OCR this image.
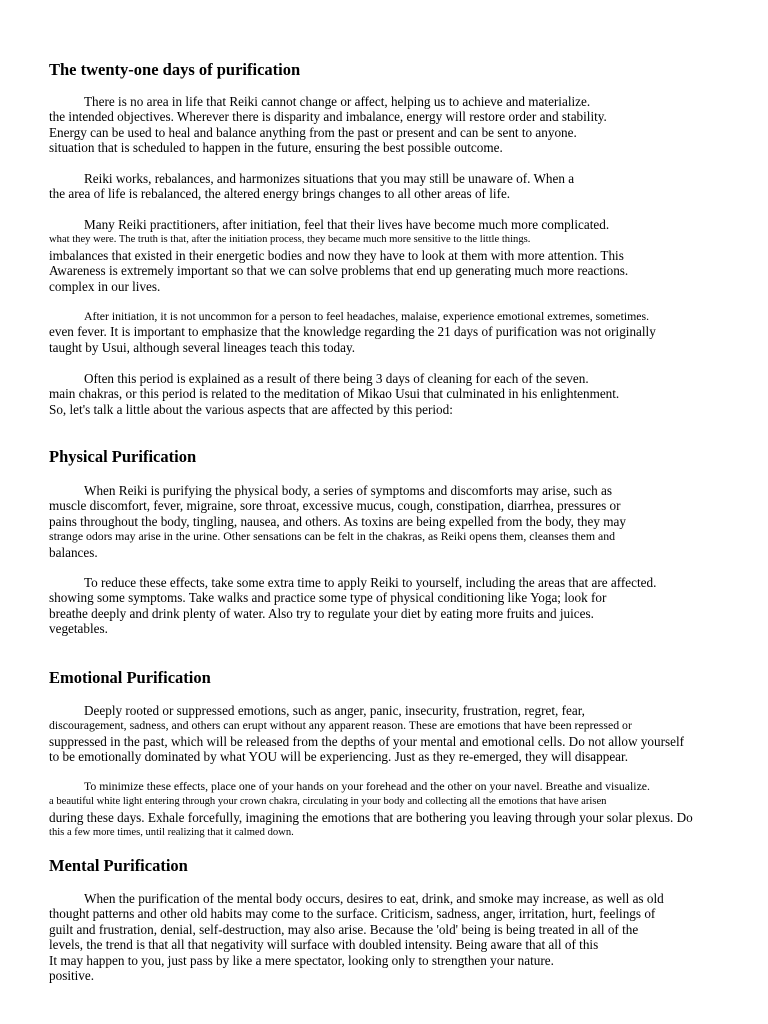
The twenty-one days of purification
There is no area in life that Reiki cannot change or affect, helping us to achieve and materialize.
the intended objectives. Wherever there is disparity and imbalance, energy will restore order and stability.
Energy can be used to heal and balance anything from the past or present and can be sent to anyone.
situation that is scheduled to happen in the future, ensuring the best possible outcome.
Reiki works, rebalances, and harmonizes situations that you may still be unaware of. When a
the area of life is rebalanced, the altered energy brings changes to all other areas of life.
Many Reiki practitioners, after initiation, feel that their lives have become much more complicated.
what they were. The truth is that, after the initiation process, they became much more sensitive to the little things.
imbalances that existed in their energetic bodies and now they have to look at them with more attention. This
Awareness is extremely important so that we can solve problems that end up generating much more reactions.
complex in our lives.
After initiation, it is not uncommon for a person to feel headaches, malaise, experience emotional extremes, sometimes.
even fever. It is important to emphasize that the knowledge regarding the 21 days of purification was not originally
taught by Usui, although several lineages teach this today.
Often this period is explained as a result of there being 3 days of cleaning for each of the seven.
main chakras, or this period is related to the meditation of Mikao Usui that culminated in his enlightenment.
So, let's talk a little about the various aspects that are affected by this period:
Physical Purification
When Reiki is purifying the physical body, a series of symptoms and discomforts may arise, such as
muscle discomfort, fever, migraine, sore throat, excessive mucus, cough, constipation, diarrhea, pressures or
pains throughout the body, tingling, nausea, and others. As toxins are being expelled from the body, they may
strange odors may arise in the urine. Other sensations can be felt in the chakras, as Reiki opens them, cleanses them and
balances.
To reduce these effects, take some extra time to apply Reiki to yourself, including the areas that are affected.
showing some symptoms. Take walks and practice some type of physical conditioning like Yoga; look for
breathe deeply and drink plenty of water. Also try to regulate your diet by eating more fruits and juices.
vegetables.
Emotional Purification
Deeply rooted or suppressed emotions, such as anger, panic, insecurity, frustration, regret, fear,
discouragement, sadness, and others can erupt without any apparent reason. These are emotions that have been repressed or
suppressed in the past, which will be released from the depths of your mental and emotional cells. Do not allow yourself
to be emotionally dominated by what YOU will be experiencing. Just as they re-emerged, they will disappear.
To minimize these effects, place one of your hands on your forehead and the other on your navel. Breathe and visualize.
a beautiful white light entering through your crown chakra, circulating in your body and collecting all the emotions that have arisen
during these days. Exhale forcefully, imagining the emotions that are bothering you leaving through your solar plexus. Do
this a few more times, until realizing that it calmed down.
Mental Purification
When the purification of the mental body occurs, desires to eat, drink, and smoke may increase, as well as old
thought patterns and other old habits may come to the surface. Criticism, sadness, anger, irritation, hurt, feelings of
guilt and frustration, denial, self-destruction, may also arise. Because the 'old' being is being treated in all of the
levels, the trend is that all that negativity will surface with doubled intensity. Being aware that all of this
It may happen to you, just pass by like a mere spectator, looking only to strengthen your nature.
positive.
